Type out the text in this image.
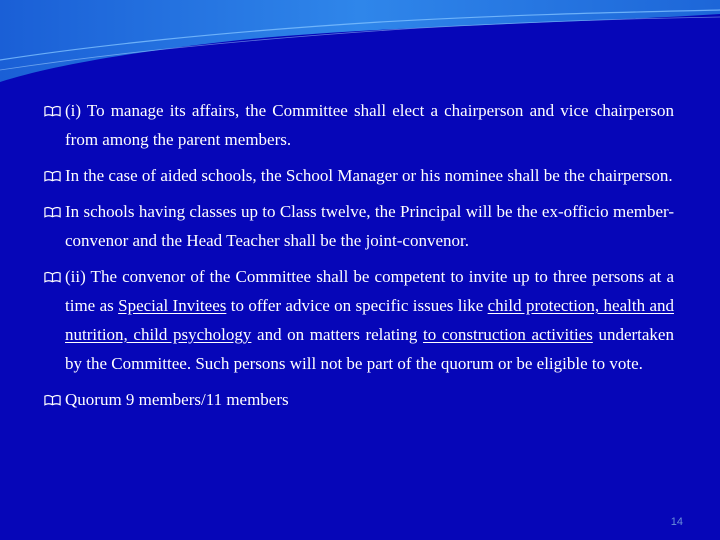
(i) To manage its affairs, the Committee shall elect a chairperson and vice chairperson from among the parent members.

In the case of aided schools, the School Manager or his nominee shall be the chairperson.

In schools having classes up to Class twelve, the Principal will be the ex-officio member-convenor and the Head Teacher shall be the joint-convenor.

(ii) The convenor of the Committee shall be competent to invite up to three persons at a time as Special Invitees to offer advice on specific issues like child protection, health and nutrition, child psychology and on matters relating to construction activities undertaken by the Committee. Such persons will not be part of the quorum or be eligible to vote.

Quorum 9 members/11 members

14
